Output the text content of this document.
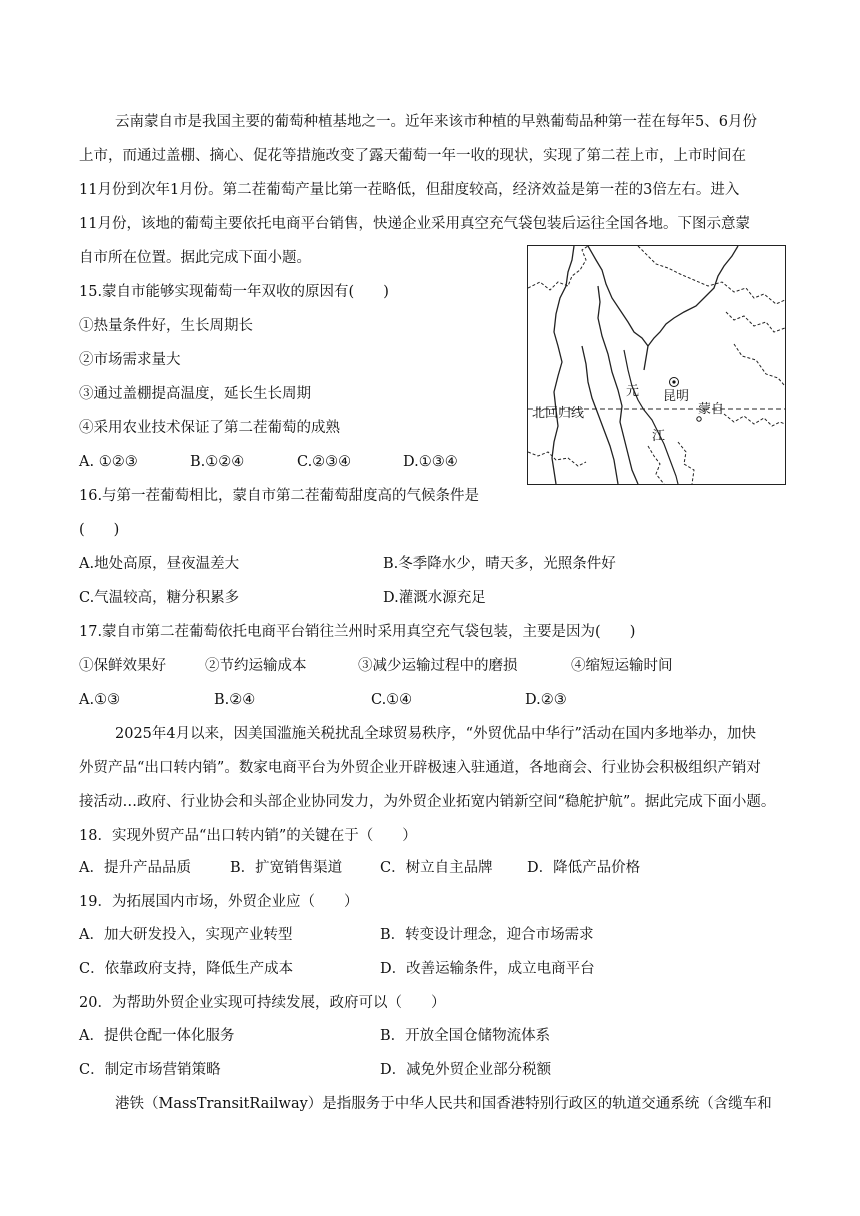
云南蒙自市是我国主要的葡萄种植基地之一。近年来该市种植的早熟葡萄品种第一茬在每年5、6月份
上市，而通过盖棚、摘心、促花等措施改变了露天葡萄一年一收的现状，实现了第二茬上市，上市时间在
11月份到次年1月份。第二茬葡萄产量比第一茬略低，但甜度较高，经济效益是第一茬的3倍左右。进入
11月份，该地的葡萄主要依托电商平台销售，快递企业采用真空充气袋包装后运往全国各地。下图示意蒙
自市所在位置。据此完成下面小题。
元 昆明
蒙自
北回归线
江
15.蒙自市能够实现葡萄一年双收的原因有(　　)
①热量条件好，生长周期长
②市场需求量大
③通过盖棚提高温度，延长生长周期
④采用农业技术保证了第二茬葡萄的成熟
A. ①②③	B.①②④	C.②③④	D.①③④
16.与第一茬葡萄相比，蒙自市第二茬葡萄甜度高的气候条件是
(　　)
A.地处高原，昼夜温差大	B.冬季降水少，晴天多，光照条件好
C.气温较高，糖分积累多	D.灌溉水源充足
17.蒙自市第二茬葡萄依托电商平台销往兰州时采用真空充气袋包装，主要是因为(　　)
①保鲜效果好	②节约运输成本	③减少运输过程中的磨损	④缩短运输时间
A.①③	B.②④	C.①④	D.②③
2025年4月以来，因美国滥施关税扰乱全球贸易秩序，“外贸优品中华行”活动在国内多地举办，加快
外贸产品“出口转内销”。数家电商平台为外贸企业开辟极速入驻通道，各地商会、行业协会积极组织产销对
接活动…政府、行业协会和头部企业协同发力，为外贸企业拓宽内销新空间“稳舵护航”。据此完成下面小题。
18．实现外贸产品“出口转内销”的关键在于（　　）
A．提升产品品质	B．扩宽销售渠道	C．树立自主品牌 D．降低产品价格
19．为拓展国内市场，外贸企业应（　　）
A．加大研发投入，实现产业转型	B．转变设计理念，迎合市场需求
C．依靠政府支持，降低生产成本	D．改善运输条件，成立电商平台
20．为帮助外贸企业实现可持续发展，政府可以（　　）
A．提供仓配一体化服务	B．开放全国仓储物流体系
C．制定市场营销策略	D．减免外贸企业部分税额
港铁（MassTransitRailway）是指服务于中华人民共和国香港特别行政区的轨道交通系统（含缆车和
